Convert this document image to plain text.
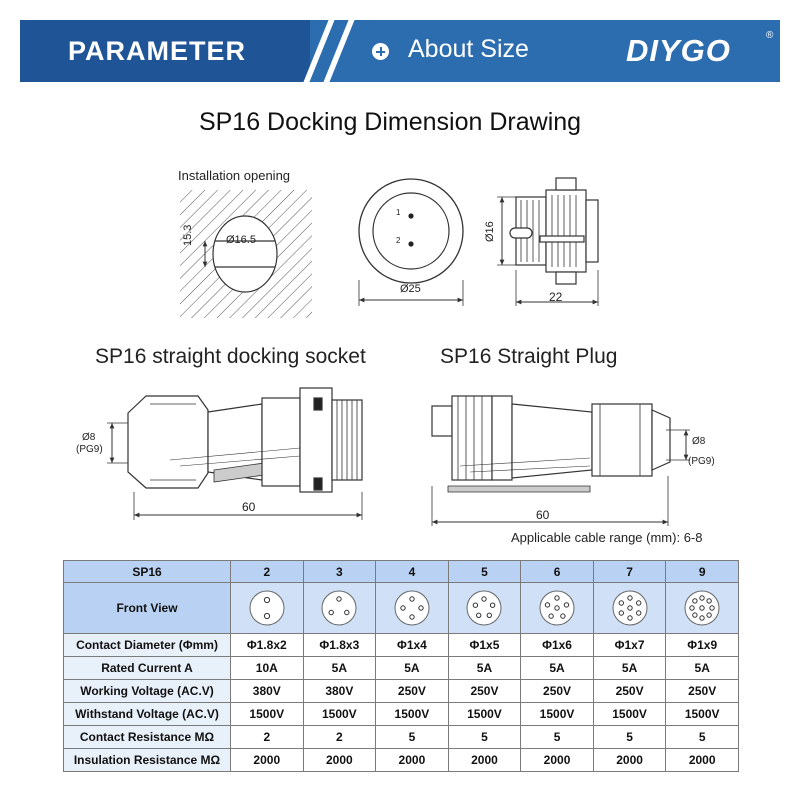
PARAMETER	About Size	DIYGO	®
SP16 Docking Dimension Drawing
Installation opening
Ø16.5
15.3
Ø25
1
2	Ø16
22
SP16 straight docking socket	SP16 Straight Plug
Ø8
(PG9)
60
Ø8
(PG9)
60
Applicable cable range (mm): 6-8
SP16	2	3	4	5	6	7	9
Front View	

Contact Diameter (Φmm)	Φ1.8x2	Φ1.8x3	Φ1x4	Φ1x5	Φ1x6	Φ1x7	Φ1x9
Rated Current A	10A	5A	5A	5A	5A	5A	5A
Working Voltage (AC.V)	380V	380V	250V	250V	250V	250V	250V
Withstand Voltage (AC.V)	1500V	1500V	1500V	1500V	1500V	1500V	1500V
Contact Resistance MΩ	2	2	5	5	5	5	5
Insulation Resistance MΩ	2000	2000	2000	2000	2000	2000	2000
